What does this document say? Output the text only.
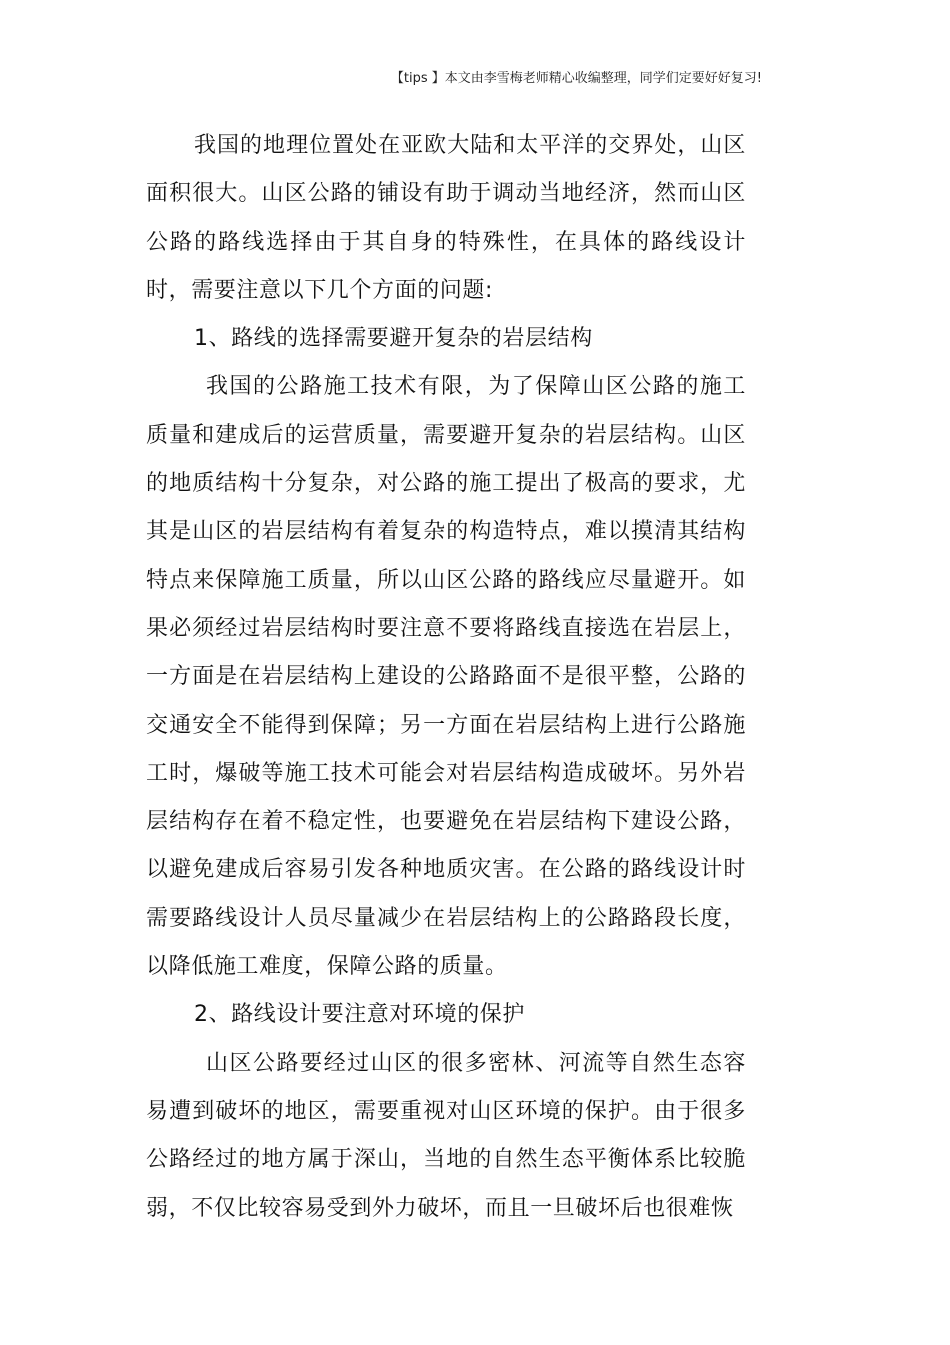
【tips 】本文由李雪梅老师精心收编整理，同学们定要好好复习!

我国的地理位置处在亚欧大陆和太平洋的交界处，山区面积很大。山区公路的铺设有助于调动当地经济，然而山区公路的路线选择由于其自身的特殊性，在具体的路线设计时，需要注意以下几个方面的问题:

1、路线的选择需要避开复杂的岩层结构

我国的公路施工技术有限，为了保障山区公路的施工质量和建成后的运营质量，需要避开复杂的岩层结构。山区的地质结构十分复杂，对公路的施工提出了极高的要求，尤其是山区的岩层结构有着复杂的构造特点，难以摸清其结构特点来保障施工质量，所以山区公路的路线应尽量避开。如果必须经过岩层结构时要注意不要将路线直接选在岩层上，一方面是在岩层结构上建设的公路路面不是很平整，公路的交通安全不能得到保障；另一方面在岩层结构上进行公路施工时，爆破等施工技术可能会对岩层结构造成破坏。另外岩层结构存在着不稳定性，也要避免在岩层结构下建设公路，以避免建成后容易引发各种地质灾害。在公路的路线设计时需要路线设计人员尽量减少在岩层结构上的公路路段长度，以降低施工难度，保障公路的质量。

2、路线设计要注意对环境的保护

山区公路要经过山区的很多密林、河流等自然生态容易遭到破坏的地区，需要重视对山区环境的保护。由于很多公路经过的地方属于深山，当地的自然生态平衡体系比较脆弱，不仅比较容易受到外力破坏，而且一旦破坏后也很难恢
